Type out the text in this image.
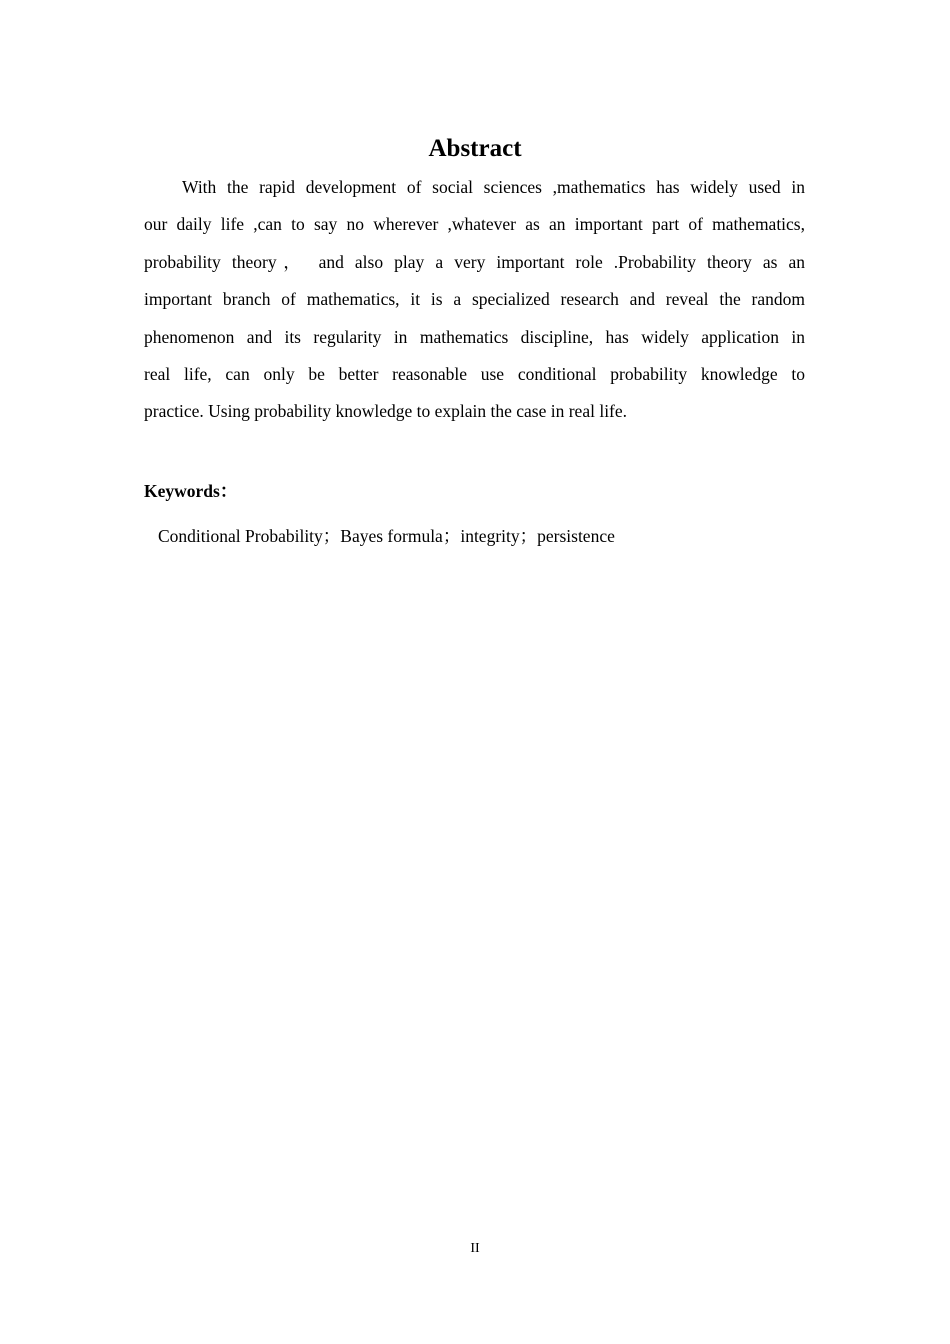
Abstract
With the rapid development of social sciences ,mathematics has widely used in
our daily life ,can to say no wherever ,whatever as an important part of mathematics,
probability theory， and also play a very important role .Probability theory as an
important branch of mathematics, it is a specialized research and reveal the random
phenomenon and its regularity in mathematics discipline, has widely application in
real life, can only be better reasonable use conditional probability knowledge to
practice. Using probability knowledge to explain the case in real life.
Keywords：
Conditional Probability；Bayes formula；integrity；persistence
II
